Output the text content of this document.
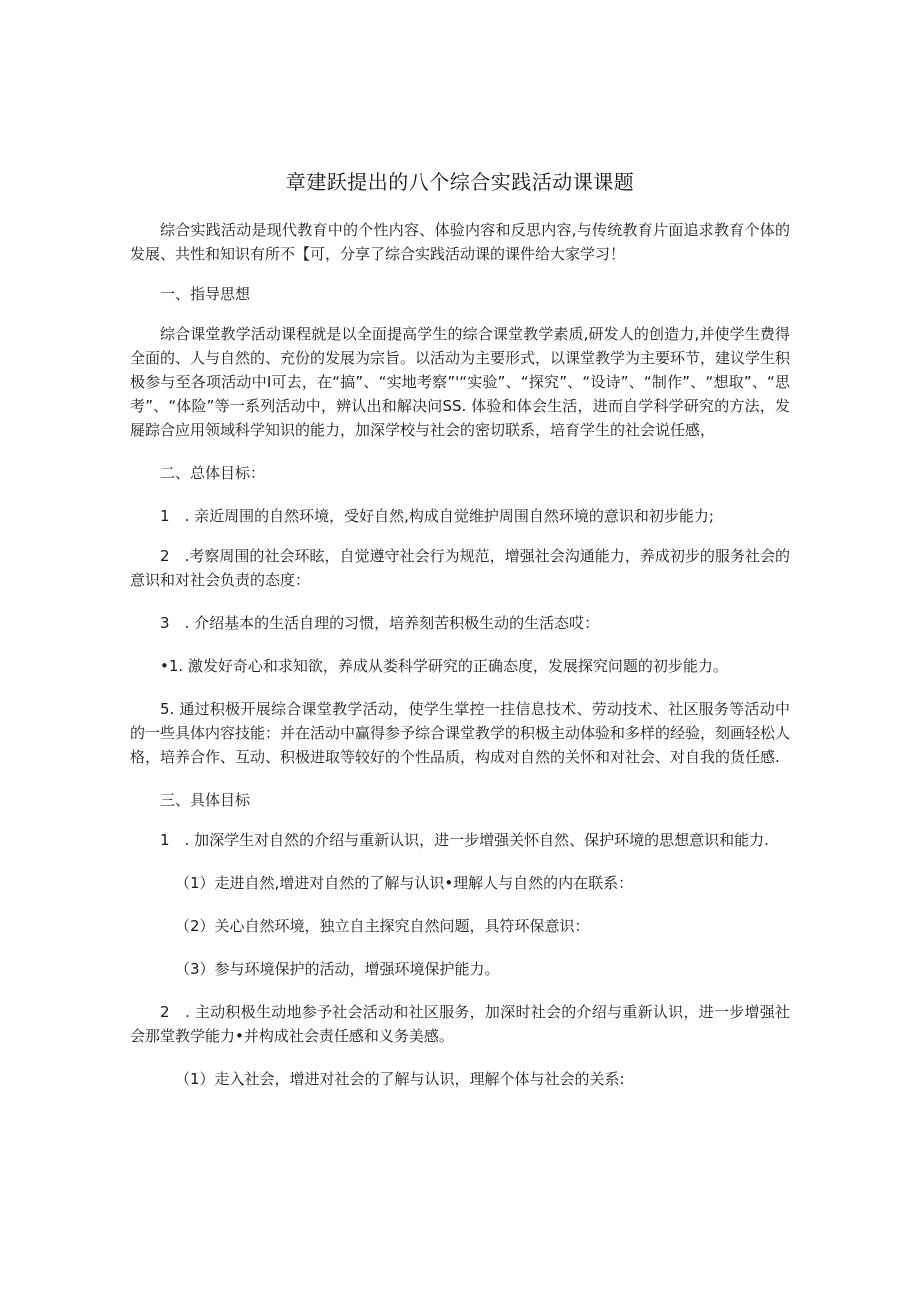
章建跃提出的八个综合实践活动课课题

综合实践活动是现代教育中的个性内容、体验内容和反思内容,与传统教育片面追求教育个体的发展、共性和知识有所不【可，分享了综合实践活动课的课件给大家学习！

一、指导思想

综合课堂教学活动课程就是以全面提高学生的综合课堂教学素质,研发人的创造力,并使学生费得全面的、人与自然的、充份的发展为宗旨。以活动为主要形式，以课堂教学为主要环节，建议学生积极参与至各项活动中I可去，在“搞”、“实地考察”'“实验”、“探究”、“设诗”、“制作”、“想取”、“思考”、“体险”等一系列活动中，辨认出和解决问SS. 体验和体会生活，进而自学科学研究的方法，发屣踪合应用领域科学知识的能力，加深学校与社会的密切联系，培育学生的社会说任感，

二、总体目标：

1　. 亲近周围的自然环境，受好自然,构成自觉维护周围自然环境的意识和初步能力;

2　.考察周围的社会环眩，自觉遵守社会行为规范，增强社会沟通能力，养成初步的服务社会的意识和对社会负责的态度：

3　. 介绍基本的生活自理的习惯，培养刻苦积极生动的生活态哎：

•1. 激发好奇心和求知欲，养成从娄科学研究的正确态度，发展探究问题的初步能力。

5. 通过积极开展综合课堂教学活动，使学生掌控一拄信息技术、劳动技术、社区服务等活动中的一些具体内容技能：并在活动中赢得参予综合课堂教学的积极主动体验和多样的经验，刻画轻松人格，培养合作、互动、积极进取等较好的个性品质，构成对自然的关怀和对社会、对自我的货任感.

三、具体目标

1　. 加深学生对自然的介绍与重新认识，进一步增强关怀自然、保护环境的思想意识和能力.

（1）走进自然,增进对自然的了解与认识•理解人与自然的内在联系：

（2）关心自然环境，独立自主探究自然问题，具符环保意识：

（3）参与环境保护的活动，增强环境保护能力。

2　. 主动积极生动地参予社会活动和社区服务，加深时社会的介绍与重新认识，进一步增强社会那堂教学能力•并构成社会责任感和义务美感。

（1）走入社会，增进对社会的了解与认识，理解个体与社会的关系:
